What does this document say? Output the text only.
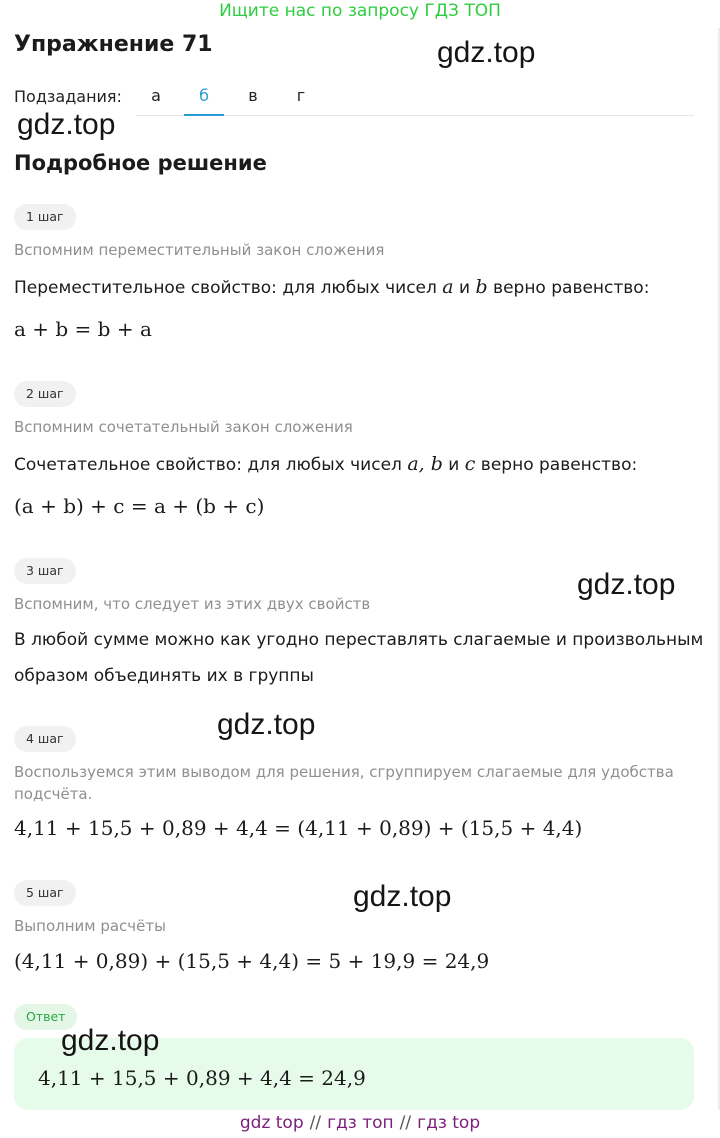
Ищите нас по запросу ГДЗ ТОП
Упражнение 71
Подзадания:	а	б	в	г
Подробное решение
1 шаг
Вспомним переместительный закон сложения
Переместительное свойство: для любых чисел a и b верно равенство:
a + b = b + a
2 шаг
Вспомним сочетательный закон сложения
Сочетательное свойство: для любых чисел a, b и c верно равенство:
(a + b) + c = a + (b + c)
3 шаг
Вспомним, что следует из этих двух свойств
В любой сумме можно как угодно переставлять слагаемые и произвольным
образом объединять их в группы
4 шаг
Воспользуемся этим выводом для решения, сгруппируем слагаемые для удобства подсчёта.
4,11 + 15,5 + 0,89 + 4,4 = (4,11 + 0,89) + (15,5 + 4,4)
5 шаг
Выполним расчёты
(4,11 + 0,89) + (15,5 + 4,4) = 5 + 19,9 = 24,9
Ответ
4,11 + 15,5 + 0,89 + 4,4 = 24,9
gdz.top
gdz.top
gdz.top
gdz.top
gdz.top
gdz.top
gdz top // гдз топ // гдз top
